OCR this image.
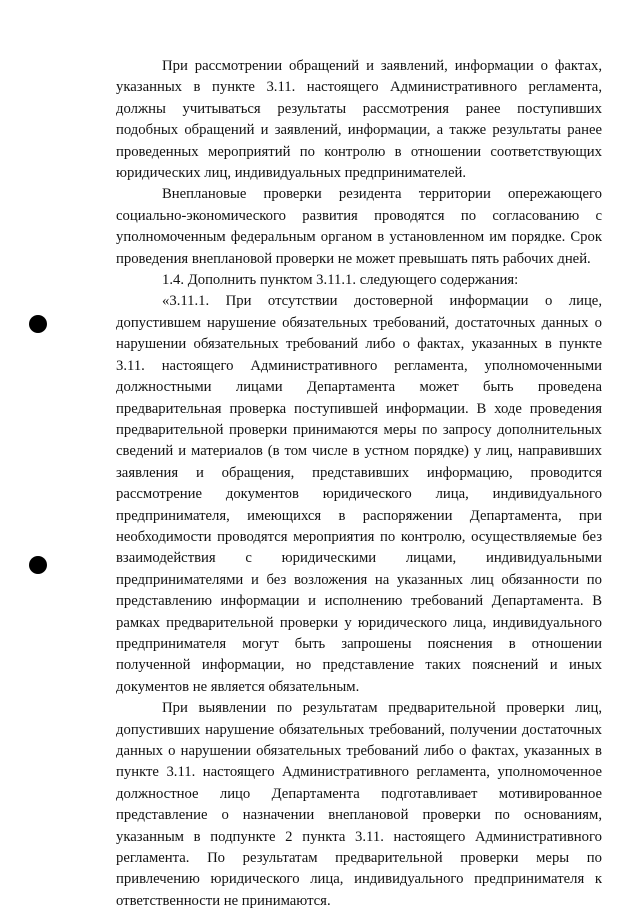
При рассмотрении обращений и заявлений, информации о фактах, указанных в пункте 3.11. настоящего Административного регламента, должны учитываться результаты рассмотрения ранее поступивших подобных обращений и заявлений, информации, а также результаты ранее проведенных мероприятий по контролю в отношении соответствующих юридических лиц, индивидуальных предпринимателей.

Внеплановые проверки резидента территории опережающего социально-экономического развития проводятся по согласованию с уполномоченным федеральным органом в установленном им порядке. Срок проведения внеплановой проверки не может превышать пять рабочих дней.

1.4. Дополнить пунктом 3.11.1. следующего содержания:

«3.11.1. При отсутствии достоверной информации о лице, допустившем нарушение обязательных требований, достаточных данных о нарушении обязательных требований либо о фактах, указанных в пункте 3.11. настоящего Административного регламента, уполномоченными должностными лицами Департамента может быть проведена предварительная проверка поступившей информации. В ходе проведения предварительной проверки принимаются меры по запросу дополнительных сведений и материалов (в том числе в устном порядке) у лиц, направивших заявления и обращения, представивших информацию, проводится рассмотрение документов юридического лица, индивидуального предпринимателя, имеющихся в распоряжении Департамента, при необходимости проводятся мероприятия по контролю, осуществляемые без взаимодействия с юридическими лицами, индивидуальными предпринимателями и без возложения на указанных лиц обязанности по представлению информации и исполнению требований Департамента. В рамках предварительной проверки у юридического лица, индивидуального предпринимателя могут быть запрошены пояснения в отношении полученной информации, но представление таких пояснений и иных документов не является обязательным.

При выявлении по результатам предварительной проверки лиц, допустивших нарушение обязательных требований, получении достаточных данных о нарушении обязательных требований либо о фактах, указанных в пункте 3.11. настоящего Административного регламента, уполномоченное должностное лицо Департамента подготавливает мотивированное представление о назначении внеплановой проверки по основаниям, указанным в подпункте 2 пункта 3.11. настоящего Административного регламента. По результатам предварительной проверки меры по привлечению юридического лица, индивидуального предпринимателя к ответственности не принимаются.
